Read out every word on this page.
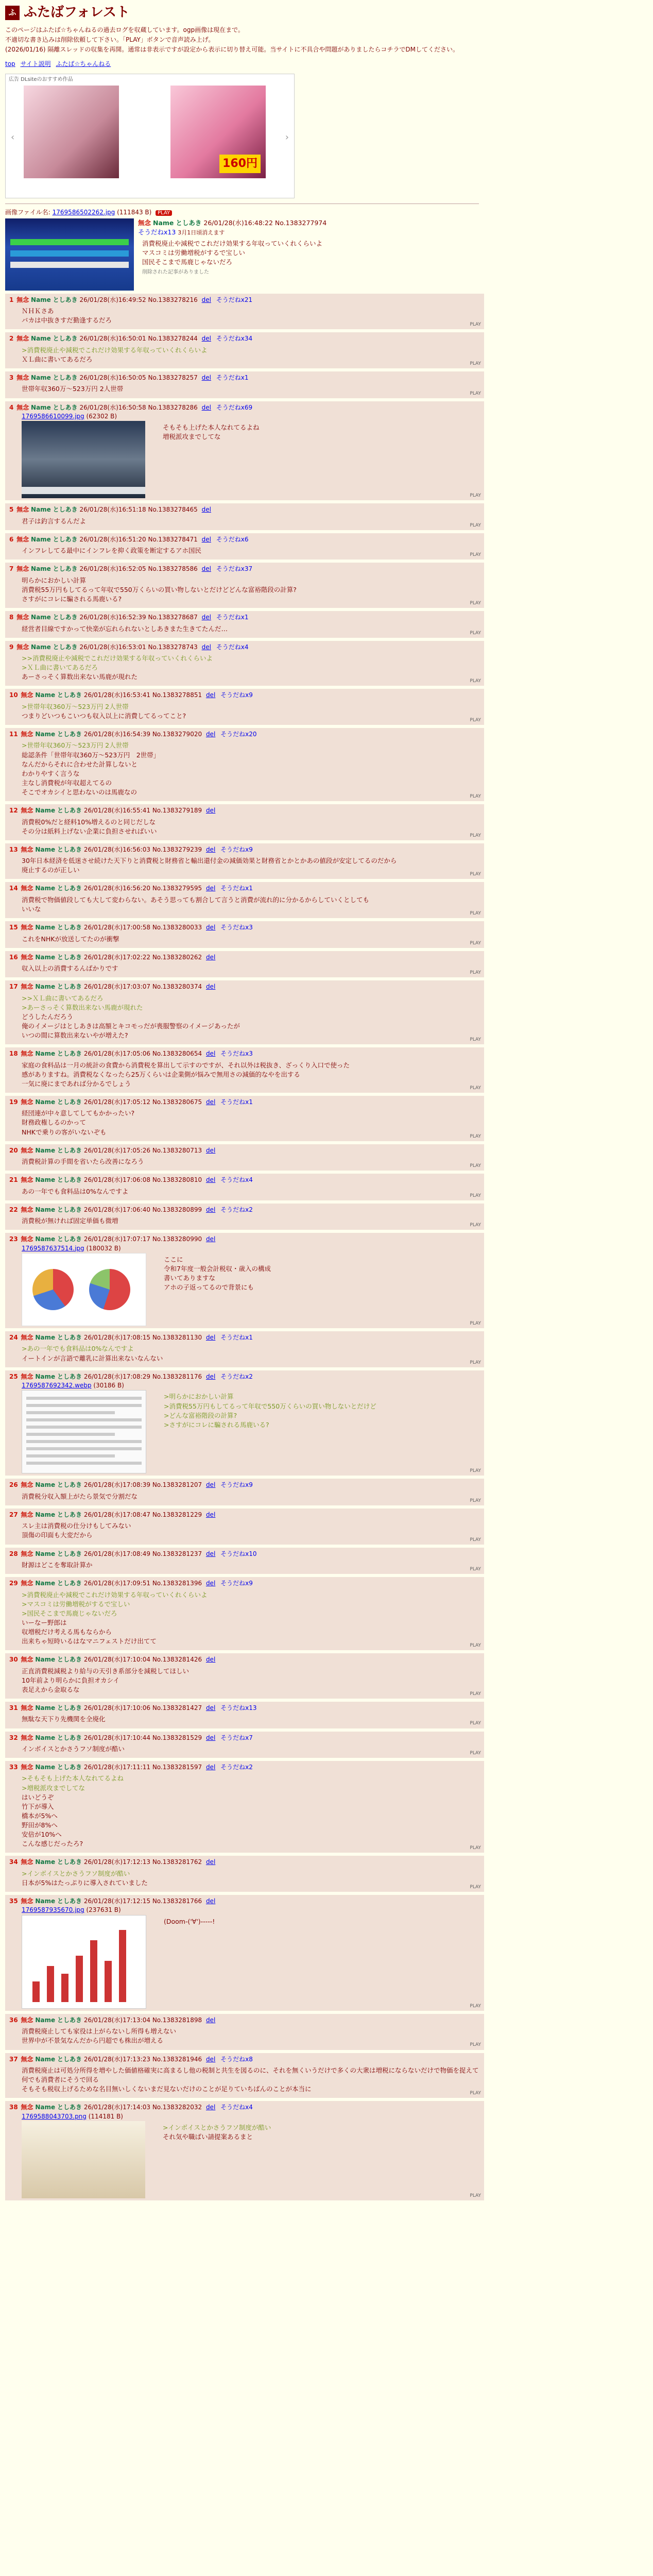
ふ ふたばフォレスト

このページはふたば☆ちゃんねるの過去ログを収蔵しています。ogp画像は現在まで。

不適切な書き込みは削除依頼して下さい。「PLAY」ボタンで音声読み上げ。

(2026/01/16) 隔離スレッドの収集を再開。通常は非表示ですが設定から表示に切り替え可能。当サイトに不具合や問題がありましたらコチラでDMしてください。

top サイト説明 ふたば☆ちゃんねる
広告 DLsiteのおすすめ作品
‹
160円
›
画像ファイル名: 1769586502262.jpg (111843 B) PLAY
無念 Name としあき 26/01/28(水)16:48:22 No.1383277974
そうだねx13 3月1日頃消えます
消費税廃止や減税でこれだけ効果する年収っていくれくらいよ
マスコミは労働増税がするで宝しい
国民そこまで馬鹿じゃないだろ
削除された記事がありました
1 無念 Name としあき 26/01/28(水)16:49:52 No.1383278216 del そうだねx21
ＮＨＫさあ
バカは中抜きすだ勤逢するだろ
PLAY
2 無念 Name としあき 26/01/28(水)16:50:01 No.1383278244 del そうだねx34
>消費税廃止や減税でこれだけ効果する年収っていくれくらいよ
ＸＬ曲に書いてあるだろ
PLAY
3 無念 Name としあき 26/01/28(水)16:50:05 No.1383278257 del そうだねx1
世帯年収360万〜523万円 2人世帯
PLAY
4 無念 Name としあき 26/01/28(水)16:50:58 No.1383278286 del そうだねx69
1769586610099.jpg (62302 B)
そもそも上げた本人なれてるよね
増税派攻までしてな
PLAY
5 無念 Name としあき 26/01/28(水)16:51:18 No.1383278465 del
君子は釣言するんだよ
PLAY
6 無念 Name としあき 26/01/28(水)16:51:20 No.1383278471 del そうだねx6
インフレしてる最中にインフレを抑く政策を断定するアホ国民
PLAY
7 無念 Name としあき 26/01/28(水)16:52:05 No.1383278586 del そうだねx37
明らかにおかしい計算
消費税55万円もしてるって年収で550万くらいの買い物しないとだけどどんな富裕階段の計算?
さすがにコレに騙される馬鹿いる?
PLAY
8 無念 Name としあき 26/01/28(水)16:52:39 No.1383278687 del そうだねx1
経営者目線ですかって快楽が忘れられないとしあきまた生きてたんだ…
PLAY
9 無念 Name としあき 26/01/28(水)16:53:01 No.1383278743 del そうだねx4
>>消費税廃止や減税でこれだけ効果する年収っていくれくらいよ
>ＸＬ曲に書いてあるだろ
あーさっそく算数出来ない馬鹿が現れた
PLAY
10 無念 Name としあき 26/01/28(水)16:53:41 No.1383278851 del そうだねx9
>世帯年収360万〜523万円 2人世帯
つまりどいつもこいつも収入以上に消費してるってこと?
PLAY
11 無念 Name としあき 26/01/28(水)16:54:39 No.1383279020 del そうだねx20
>世帯年収360万〜523万円 2人世帯
総認条件「世帯年収360万〜523万円　2世帯」
なんだからそれに合わせた計算しないと
わかりやすく言うな
主なし消費税が年収超えてるの
そこでオカシイと思わないのは馬鹿なの
PLAY
12 無念 Name としあき 26/01/28(水)16:55:41 No.1383279189 del
消費税0%だと経料10%増えるのと同じだしな
その分は紙料上げない企業に負担させればいい
PLAY
13 無念 Name としあき 26/01/28(水)16:56:03 No.1383279239 del そうだねx9
30年日本経済を低迷させ続けた天下りと消費税と財務省と輸出還付金の減価効果と財務省とかとかあの値段が安定してるのだから
廃止するのが正しい
PLAY
14 無念 Name としあき 26/01/28(水)16:56:20 No.1383279595 del そうだねx1
消費税で物価値段しても大して変わらない。あそう思っても割合して言うと消費が流れ的に分かるからしていくとしても
いいな
PLAY
15 無念 Name としあき 26/01/28(水)17:00:58 No.1383280033 del そうだねx3
これをNHKが放送してたのが衝撃
PLAY
16 無念 Name としあき 26/01/28(水)17:02:22 No.1383280262 del
収入以上の消費するんばかりです
PLAY
17 無念 Name としあき 26/01/28(水)17:03:07 No.1383280374 del
>>ＸＬ曲に書いてあるだろ
>あーさっそく算数出来ない馬鹿が現れた
どうしたんだろう
俺のイメージはとしあきは高額とキコモっだが喪服警察のイメージあったが
いつの間に算数出来ないやが増えた?
PLAY
18 無念 Name としあき 26/01/28(水)17:05:06 No.1383280654 del そうだねx3
家庭の食料品は一月の統計の食費から消費税を算出して示すのですが、それ以外は税抜き、ざっくり入口で使った
感がありますね。消費税なくなったら25万くらいは企業側が悩みで無用さの減価的なやを出する
一気に廃にまであれば分かるでしょう
PLAY
19 無念 Name としあき 26/01/28(水)17:05:12 No.1383280675 del そうだねx1
経団連が中々意してしてもかかったい?
財務政権しるのかって
NHKで乗りの客がいないぞも
PLAY
20 無念 Name としあき 26/01/28(水)17:05:26 No.1383280713 del
消費税計算の手間を省いたら改善になろう
PLAY
21 無念 Name としあき 26/01/28(水)17:06:08 No.1383280810 del そうだねx4
あの一年でも食料品は0%なんですよ
PLAY
22 無念 Name としあき 26/01/28(水)17:06:40 No.1383280899 del そうだねx2
消費税が無ければ固定単価も微増
PLAY
23 無念 Name としあき 26/01/28(水)17:07:17 No.1383280990 del
1769587637514.jpg (180032 B)
ここに
令和7年度一般会計税収・歳入の構成
書いてありますな
アホの子返ってるので背景にも
PLAY
24 無念 Name としあき 26/01/28(水)17:08:15 No.1383281130 del そうだねx1
>あの一年でも食料品は0%なんですよ
イートインが言語で離乳に計算出来ないなんない
PLAY
25 無念 Name としあき 26/01/28(水)17:08:29 No.1383281176 del そうだねx2
1769587692342.webp (30186 B)
>明らかにおかしい計算
>消費税55万円もしてるって年収で550万くらいの買い物しないとだけど
>どんな富裕階段の計算?
>さすがにコレに騙される馬鹿いる?
PLAY
26 無念 Name としあき 26/01/28(水)17:08:39 No.1383281207 del そうだねx9
消費税分収入額上がたら景気で分割だな
PLAY
27 無念 Name としあき 26/01/28(水)17:08:47 No.1383281229 del
スレ主は消費税の仕分けもしてみない
頂傷の印面も大変だから
PLAY
28 無念 Name としあき 26/01/28(水)17:08:49 No.1383281237 del そうだねx10
財源はどこを奪取計算か
PLAY
29 無念 Name としあき 26/01/28(水)17:09:51 No.1383281396 del そうだねx9
>消費税廃止や減税でこれだけ効果する年収っていくれくらいよ
>マスコミは労働増税がするで宝しい
>国民そこまで馬鹿じゃないだろ
いーなー野郎は
収増税だけ考える馬もならから
出来ちゃ短時いるはなマニフェストだけ出てて
PLAY
30 無念 Name としあき 26/01/28(水)17:10:04 No.1383281426 del
正直消費税減税より給与の天引き系部分を減税してほしい
10年前より明らかに負担オカシイ
表足えから金取るな
PLAY
31 無念 Name としあき 26/01/28(水)17:10:06 No.1383281427 del そうだねx13
無駄な天下り先機関を全廃化
PLAY
32 無念 Name としあき 26/01/28(水)17:10:44 No.1383281529 del そうだねx7
インボイスとかさうフソ制度が酷い
PLAY
33 無念 Name としあき 26/01/28(水)17:11:11 No.1383281597 del そうだねx2
>そもそも上げた本人なれてるよね
>増税派攻までしてな
はいどうぞ
竹下が導入
橋本が5%へ
野田が8%へ
安倍が10%へ
こんな感じだったろ?
PLAY
34 無念 Name としあき 26/01/28(水)17:12:13 No.1383281762 del
>インボイスとかさうフソ制度が酷い
日本が5%はたっぷりに導入されていました
PLAY
35 無念 Name としあき 26/01/28(水)17:12:15 No.1383281766 del
1769587935670.jpg (237631 B)
(Doom-('∀')-----!
PLAY
36 無念 Name としあき 26/01/28(水)17:13:04 No.1383281898 del
消費税廃止しても家役は上がらないし所得も増えない
世界中が不景気なんだから円超でも株出が増える
PLAY
37 無念 Name としあき 26/01/28(水)17:13:23 No.1383281946 del そうだねx8
消費税廃止は可処分所得を増やした価値格確実に高まるし他の税制と共生を図るのに、それを無くいうだけで多くの大衆は増税にならないだけで物価を捉えて何でも消費者にそうで回る
そもそも税収上げるためな名目無いしくないまだ見ないだけのことが足りていちばんのことが本当に
PLAY
38 無念 Name としあき 26/01/28(水)17:14:03 No.1383282032 del そうだねx4
1769588043703.png (114181 B)
>インボイスとかさうフソ制度が酷い
それ気や職ばい請提案あるまと
PLAY
